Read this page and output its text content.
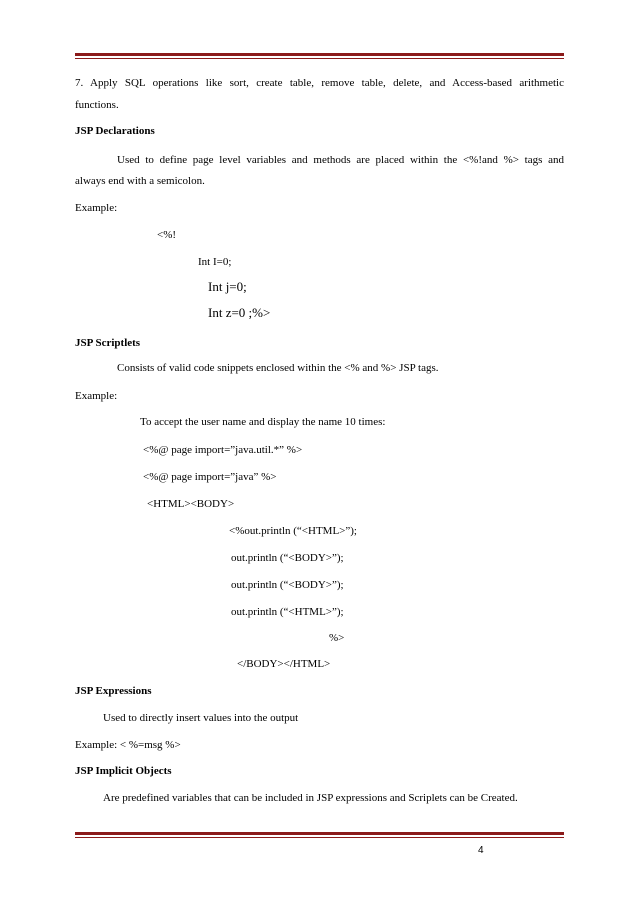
7. Apply SQL operations like sort, create table, remove table, delete, and Access-based arithmetic
functions.
JSP Declarations
Used to define page level variables and methods are placed within the <%!and %> tags and
always end with a semicolon.
Example:
<%!
Int I=0;
Int j=0;
Int z=0 ;%>
JSP Scriptlets
Consists of valid code snippets enclosed within the <% and %> JSP tags.
Example:
To accept the user name and display the name 10 times:
<%@ page import=”java.util.*” %>
<%@ page import=”java” %>
<HTML><BODY>
<%out.println (“<HTML>”);
out.println (“<BODY>”);
out.println (“<BODY>”);
out.println (“<HTML>”);
%>
</BODY></HTML>
JSP Expressions
Used to directly insert values into the output
Example: < %=msg %>
JSP Implicit Objects
Are predefined variables that can be included in JSP expressions and Scriplets can be Created.
4
